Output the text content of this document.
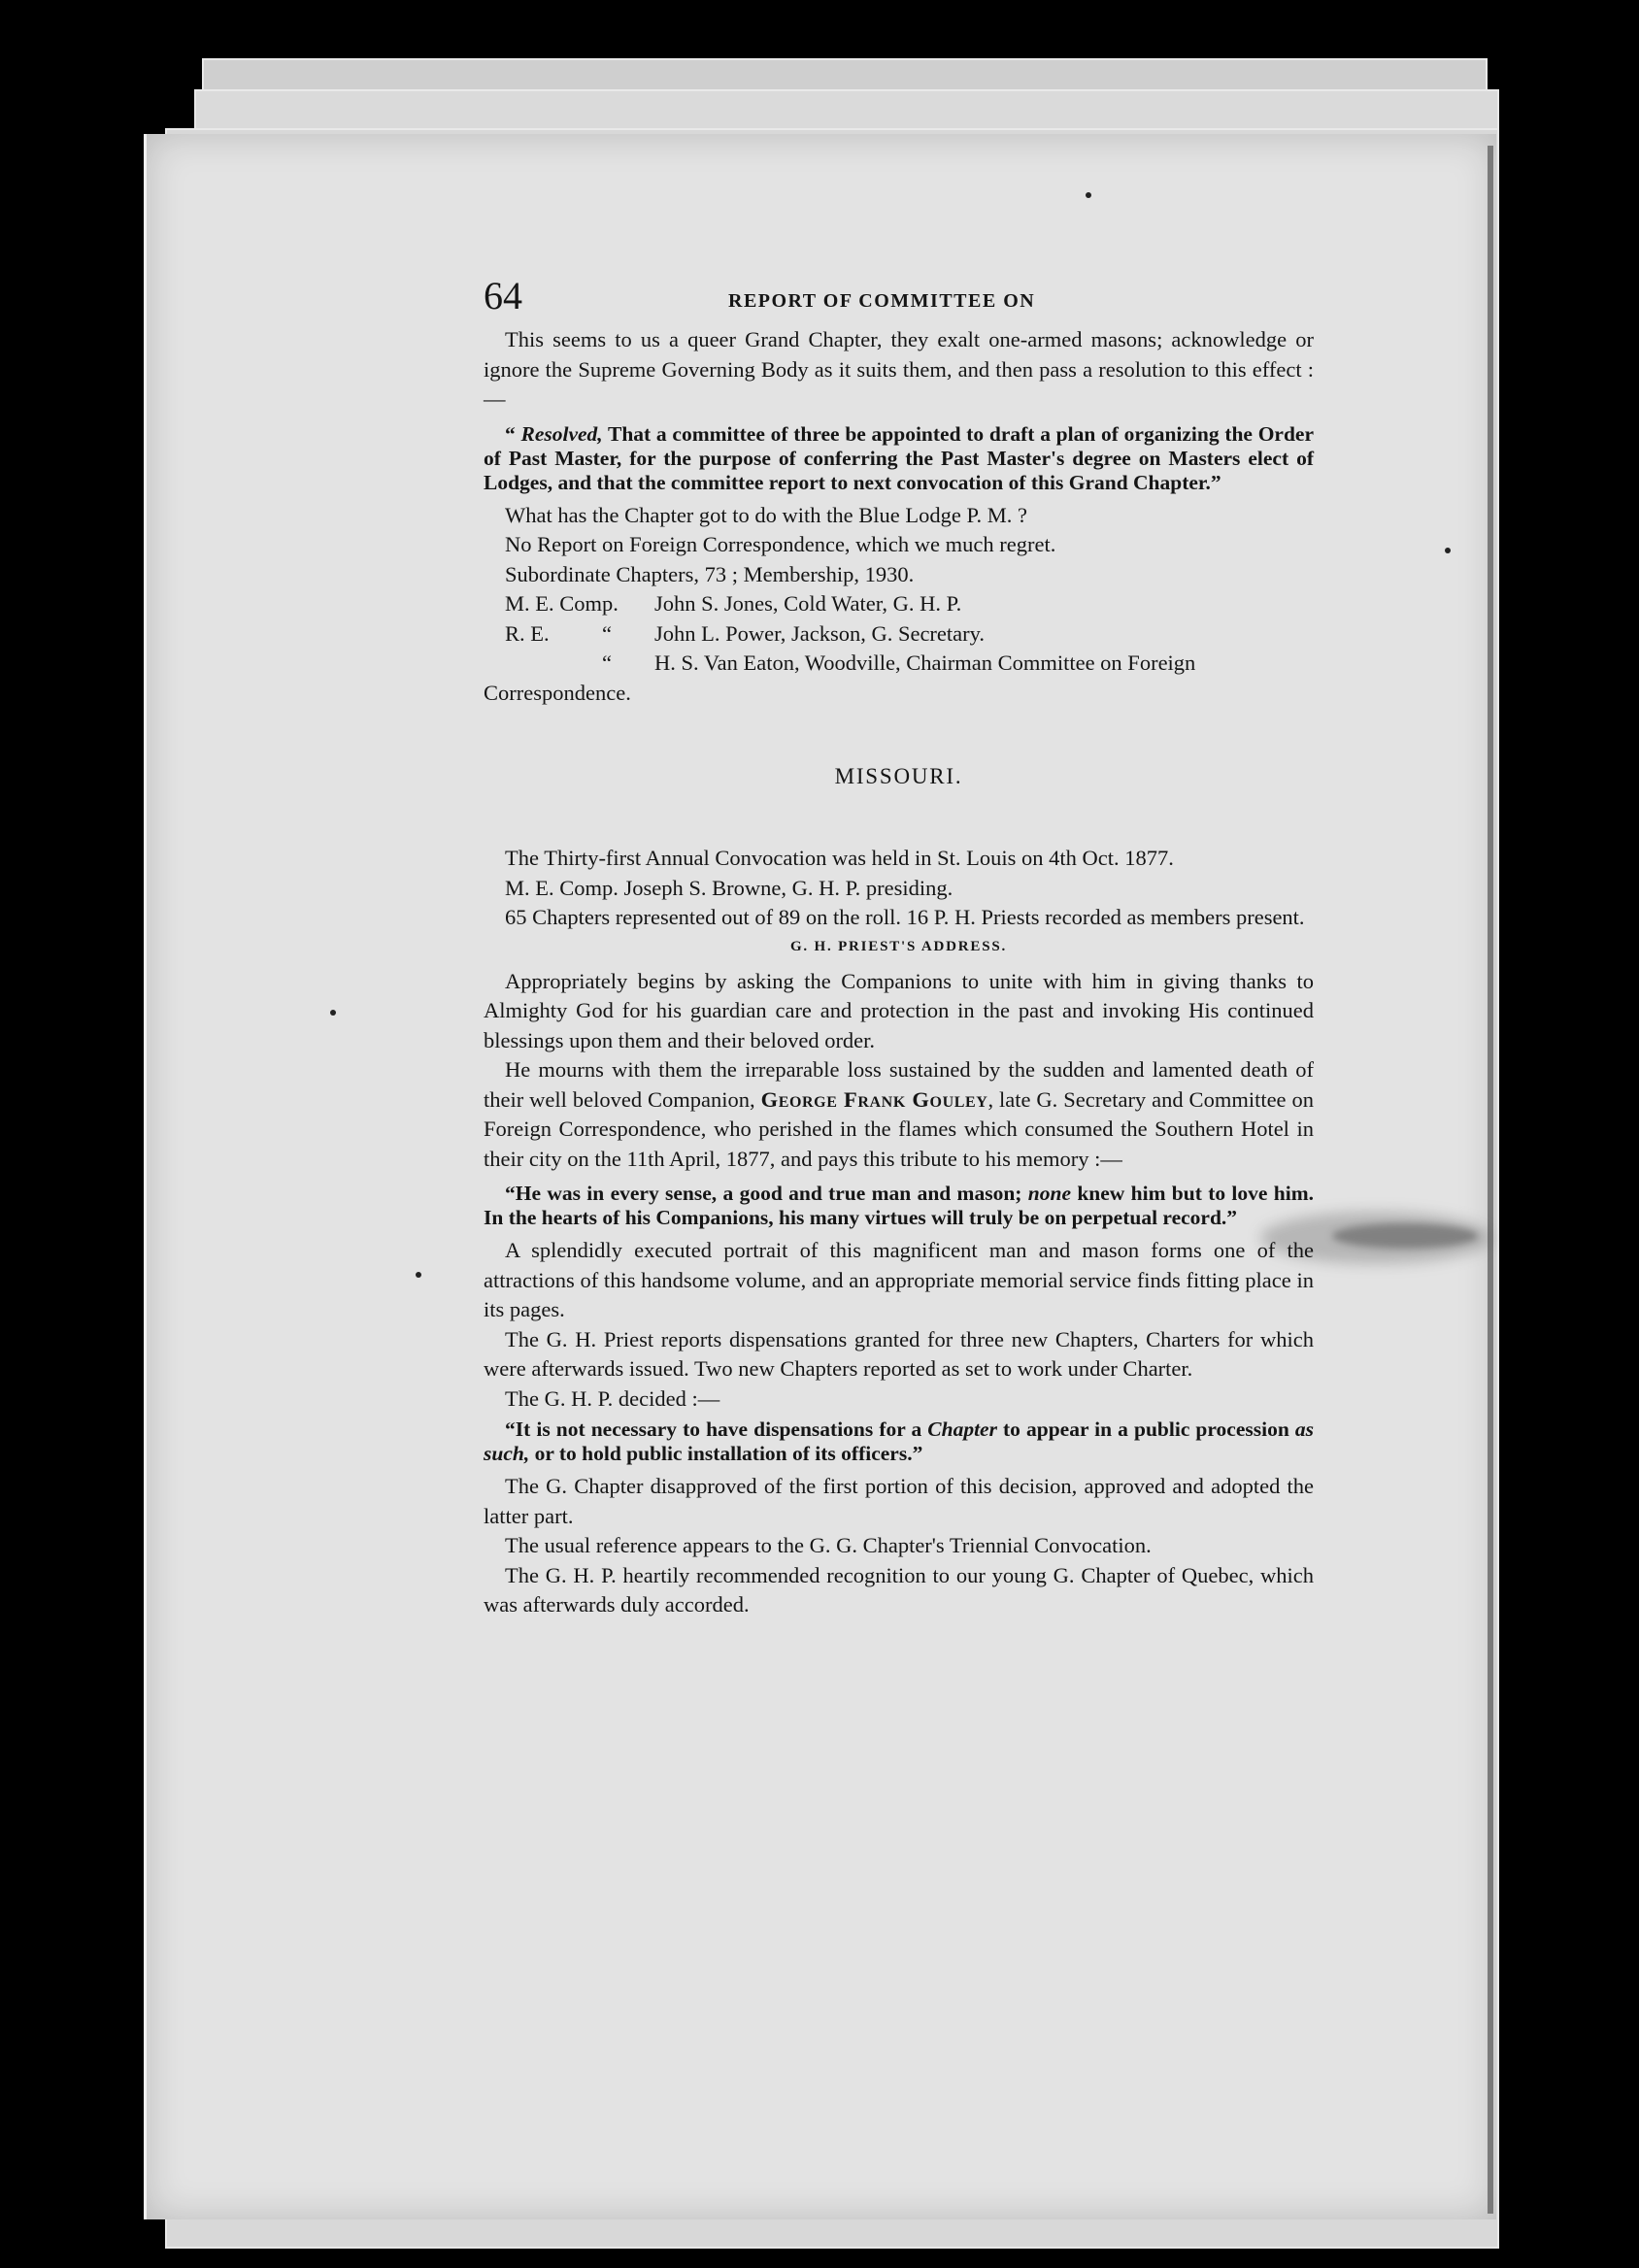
64	REPORT OF COMMITTEE ON

This seems to us a queer Grand Chapter, they exalt one-armed masons; acknowledge or ignore the Supreme Governing Body as it suits them, and then pass a resolution to this effect :—

“ Resolved, That a committee of three be appointed to draft a plan of organizing the Order of Past Master, for the purpose of conferring the Past Master's degree on Masters elect of Lodges, and that the committee report to next convocation of this Grand Chapter.”

What has the Chapter got to do with the Blue Lodge P. M. ?

No Report on Foreign Correspondence, which we much regret.

Subordinate Chapters, 73 ; Membership, 1930.

M. E. Comp. John S. Jones, Cold Water, G. H. P.
R. E. “ John L. Power, Jackson, G. Secretary.
“ H. S. Van Eaton, Woodville, Chairman Committee on Foreign

Correspondence.

MISSOURI.

The Thirty-first Annual Convocation was held in St. Louis on 4th Oct. 1877.

M. E. Comp. Joseph S. Browne, G. H. P. presiding.

65 Chapters represented out of 89 on the roll. 16 P. H. Priests recorded as members present.

G. H. PRIEST'S ADDRESS.

Appropriately begins by asking the Companions to unite with him in giving thanks to Almighty God for his guardian care and protection in the past and invoking His continued blessings upon them and their beloved order.

He mourns with them the irreparable loss sustained by the sudden and lamented death of their well beloved Companion, George Frank Gouley, late G. Secretary and Committee on Foreign Correspondence, who perished in the flames which consumed the Southern Hotel in their city on the 11th April, 1877, and pays this tribute to his memory :—

“He was in every sense, a good and true man and mason; none knew him but to love him. In the hearts of his Companions, his many virtues will truly be on perpetual record.”

A splendidly executed portrait of this magnificent man and mason forms one of the attractions of this handsome volume, and an appropriate memorial service finds fitting place in its pages.

The G. H. Priest reports dispensations granted for three new Chapters, Charters for which were afterwards issued. Two new Chapters reported as set to work under Charter.

The G. H. P. decided :—

“It is not necessary to have dispensations for a Chapter to appear in a public procession as such, or to hold public installation of its officers.”

The G. Chapter disapproved of the first portion of this decision, approved and adopted the latter part.

The usual reference appears to the G. G. Chapter's Triennial Convocation.

The G. H. P. heartily recommended recognition to our young G. Chapter of Quebec, which was afterwards duly accorded.
